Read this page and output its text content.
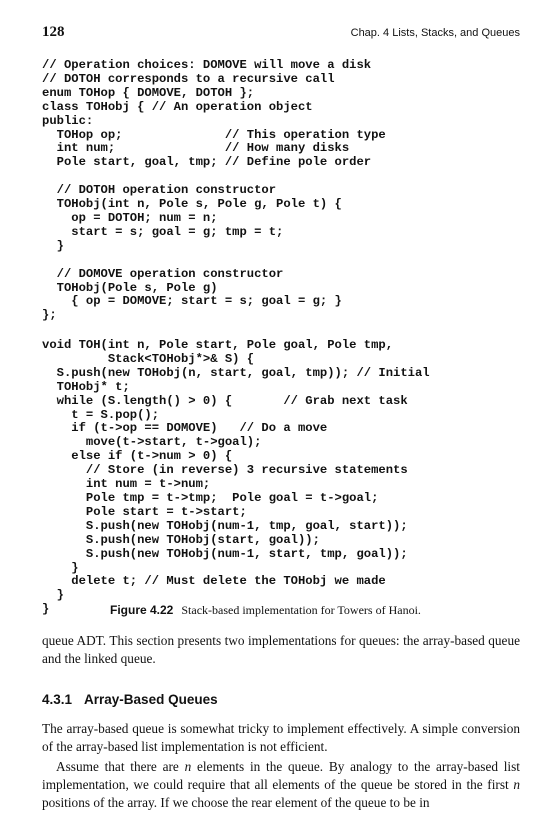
128	Chap. 4 Lists, Stacks, and Queues
// Operation choices: DOMOVE will move a disk
// DOTOH corresponds to a recursive call
enum TOHop { DOMOVE, DOTOH };
class TOHobj { // An operation object
public:
TOHop op;              // This operation type
int num;               // How many disks
Pole start, goal, tmp; // Define pole order

// DOTOH operation constructor
TOHobj(int n, Pole s, Pole g, Pole t) {
op = DOTOH; num = n;
start = s; goal = g; tmp = t;
}

// DOMOVE operation constructor
TOHobj(Pole s, Pole g)
{ op = DOMOVE; start = s; goal = g; }
};
void TOH(int n, Pole start, Pole goal, Pole tmp,
Stack<TOHobj*>& S) {
S.push(new TOHobj(n, start, goal, tmp)); // Initial
TOHobj* t;
while (S.length() > 0) {       // Grab next task
t = S.pop();
if (t->op == DOMOVE)   // Do a move
move(t->start, t->goal);
else if (t->num > 0) {
// Store (in reverse) 3 recursive statements
int num = t->num;
Pole tmp = t->tmp;  Pole goal = t->goal;
Pole start = t->start;
S.push(new TOHobj(num-1, tmp, goal, start));
S.push(new TOHobj(start, goal));
S.push(new TOHobj(num-1, start, tmp, goal));
}
delete t; // Must delete the TOHobj we made
}
}	Figure 4.22 Stack-based implementation for Towers of Hanoi.

queue ADT. This section presents two implementations for queues: the array-based queue and the linked queue.

4.3.1 Array-Based Queues

The array-based queue is somewhat tricky to implement effectively. A simple conversion of the array-based list implementation is not efficient.

Assume that there are n elements in the queue. By analogy to the array-based list implementation, we could require that all elements of the queue be stored in the first n positions of the array. If we choose the rear element of the queue to be in
